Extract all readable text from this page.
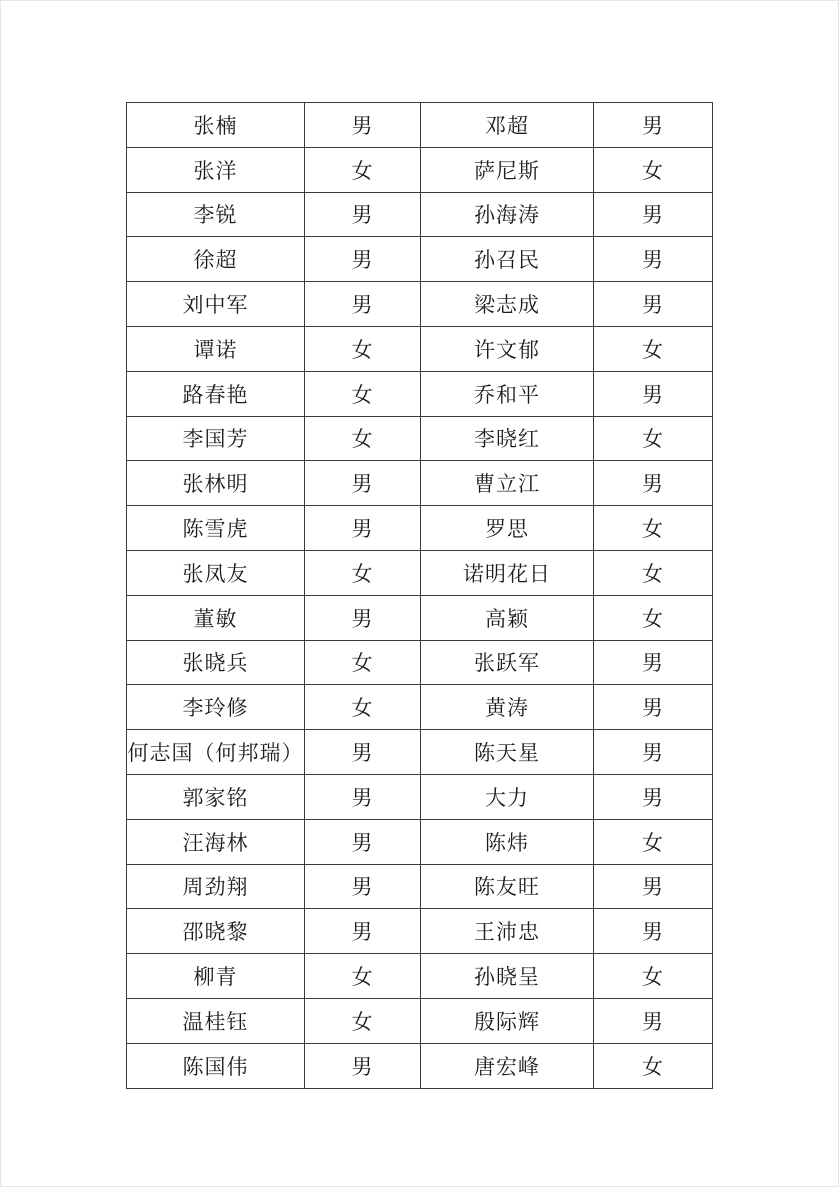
张楠	男	邓超	男
张洋	女	萨尼斯	女
李锐	男	孙海涛	男
徐超	男	孙召民	男
刘中军	男	梁志成	男
谭诺	女	许文郁	女
路春艳	女	乔和平	男
李国芳	女	李晓红	女
张林明	男	曹立江	男
陈雪虎	男	罗思	女
张凤友	女	诺明花日	女
董敏	男	高颖	女
张晓兵	女	张跃军	男
李玲修	女	黄涛	男
何志国（何邦瑞）	男	陈天星	男
郭家铭	男	大力	男
汪海林	男	陈炜	女
周劲翔	男	陈友旺	男
邵晓黎	男	王沛忠	男
柳青	女	孙晓呈	女
温桂钰	女	殷际辉	男
陈国伟	男	唐宏峰	女
